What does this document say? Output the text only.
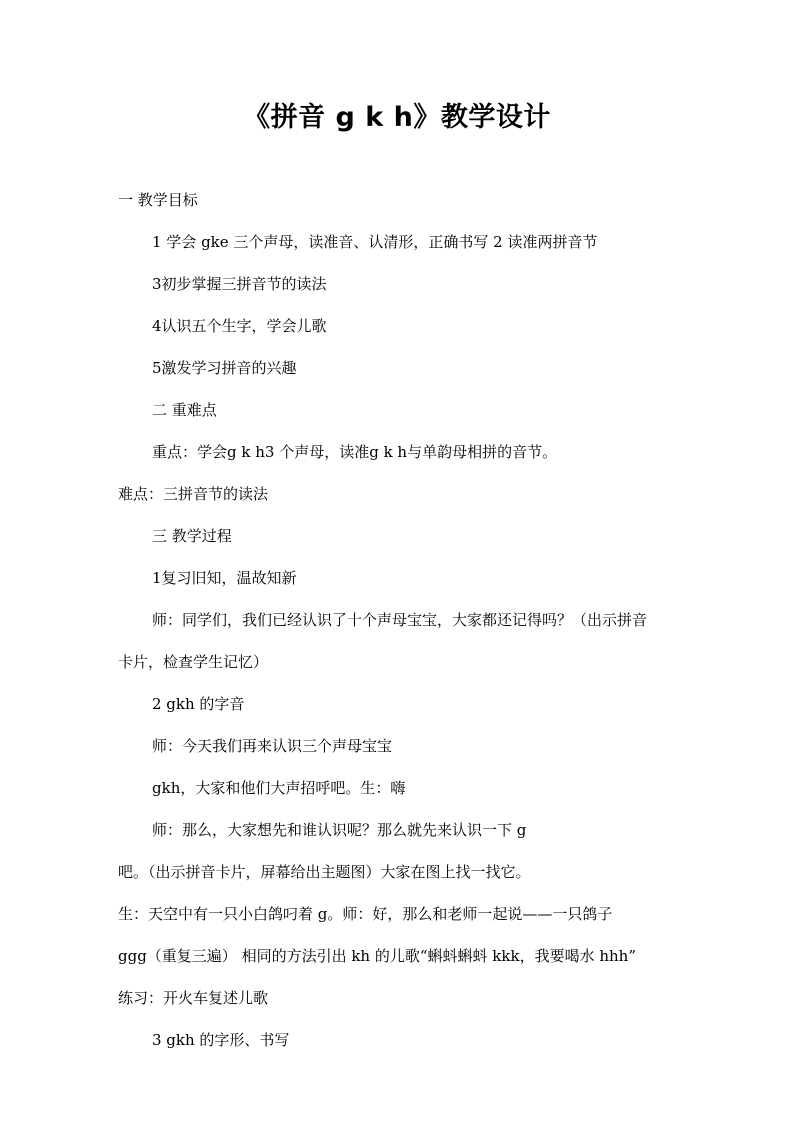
《拼音 g k h》教学设计

一 教学目标

1 学会 gke 三个声母，读准音、认清形，正确书写 2 读准两拼音节

3初步掌握三拼音节的读法

4认识五个生字，学会儿歌

5激发学习拼音的兴趣

二 重难点

重点：学会g k h3 个声母，读准g k h与单韵母相拼的音节。

难点：三拼音节的读法

三 教学过程

1复习旧知，温故知新

师：同学们，我们已经认识了十个声母宝宝，大家都还记得吗？（出示拼音

卡片，检查学生记忆）

2 gkh 的字音

师：今天我们再来认识三个声母宝宝

gkh，大家和他们大声招呼吧。生：嗨

师：那么，大家想先和谁认识呢？那么就先来认识一下 g

吧。（出示拼音卡片，屏幕给出主题图）大家在图上找一找它。

生：天空中有一只小白鸽叼着 g。师：好，那么和老师一起说——一只鸽子

ggg（重复三遍） 相同的方法引出 kh 的儿歌“蝌蚪蝌蚪 kkk，我要喝水 hhh”

练习：开火车复述儿歌

3 gkh 的字形、书写
